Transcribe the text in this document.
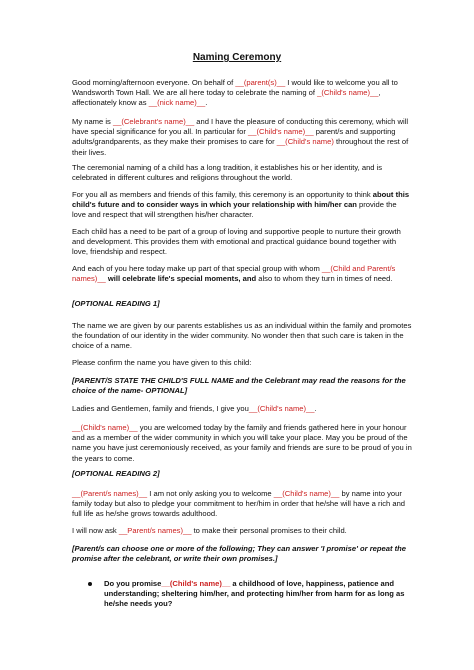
Naming Ceremony

Good morning/afternoon everyone. On behalf of __(parent(s)__ I would like to welcome you all to Wandsworth Town Hall. We are all here today to celebrate the naming of _(Child's name)__, affectionately know as __(nick name)__.

My name is __(Celebrant's name)__ and I have the pleasure of conducting this ceremony, which will have special significance for you all. In particular for __(Child's name)__ parent/s and supporting adults/grandparents, as they make their promises to care for __(Child's name) throughout the rest of their lives.

The ceremonial naming of a child has a long tradition, it establishes his or her identity, and is celebrated in different cultures and religions throughout the world.

For you all as members and friends of this family, this ceremony is an opportunity to think about this child's future and to consider ways in which your relationship with him/her can provide the love and respect that will strengthen his/her character.

Each child has a need to be part of a group of loving and supportive people to nurture their growth and development. This provides them with emotional and practical guidance bound together with love, friendship and respect.

And each of you here today make up part of that special group with whom __(Child and Parent/s names)__ will celebrate life's special moments, and also to whom they turn in times of need.

[OPTIONAL READING 1]

The name we are given by our parents establishes us as an individual within the family and promotes the foundation of our identity in the wider community. No wonder then that such care is taken in the choice of a name.

Please confirm the name you have given to this child:

[PARENT/S STATE THE CHILD'S FULL NAME and the Celebrant may read the reasons for the choice of the name- OPTIONAL]

Ladies and Gentlemen, family and friends, I give you__(Child's name)__.

__(Child's name)__ you are welcomed today by the family and friends gathered here in your honour and as a member of the wider community in which you will take your place. May you be proud of the name you have just ceremoniously received, as your family and friends are sure to be proud of you in the years to come.

[OPTIONAL READING 2]

__(Parent/s names)__ I am not only asking you to welcome __(Child's name)__ by name into your family today but also to pledge your commitment to her/him in order that he/she will have a rich and full life as he/she grows towards adulthood.

I will now ask __Parent/s names)__ to make their personal promises to their child.

[Parent/s can choose one or more of the following; They can answer 'I promise' or repeat the promise after the celebrant, or write their own promises.]

Do you promise__(Child's name)__ a childhood of love, happiness, patience and understanding; sheltering him/her, and protecting him/her from harm for as long as he/she needs you?
